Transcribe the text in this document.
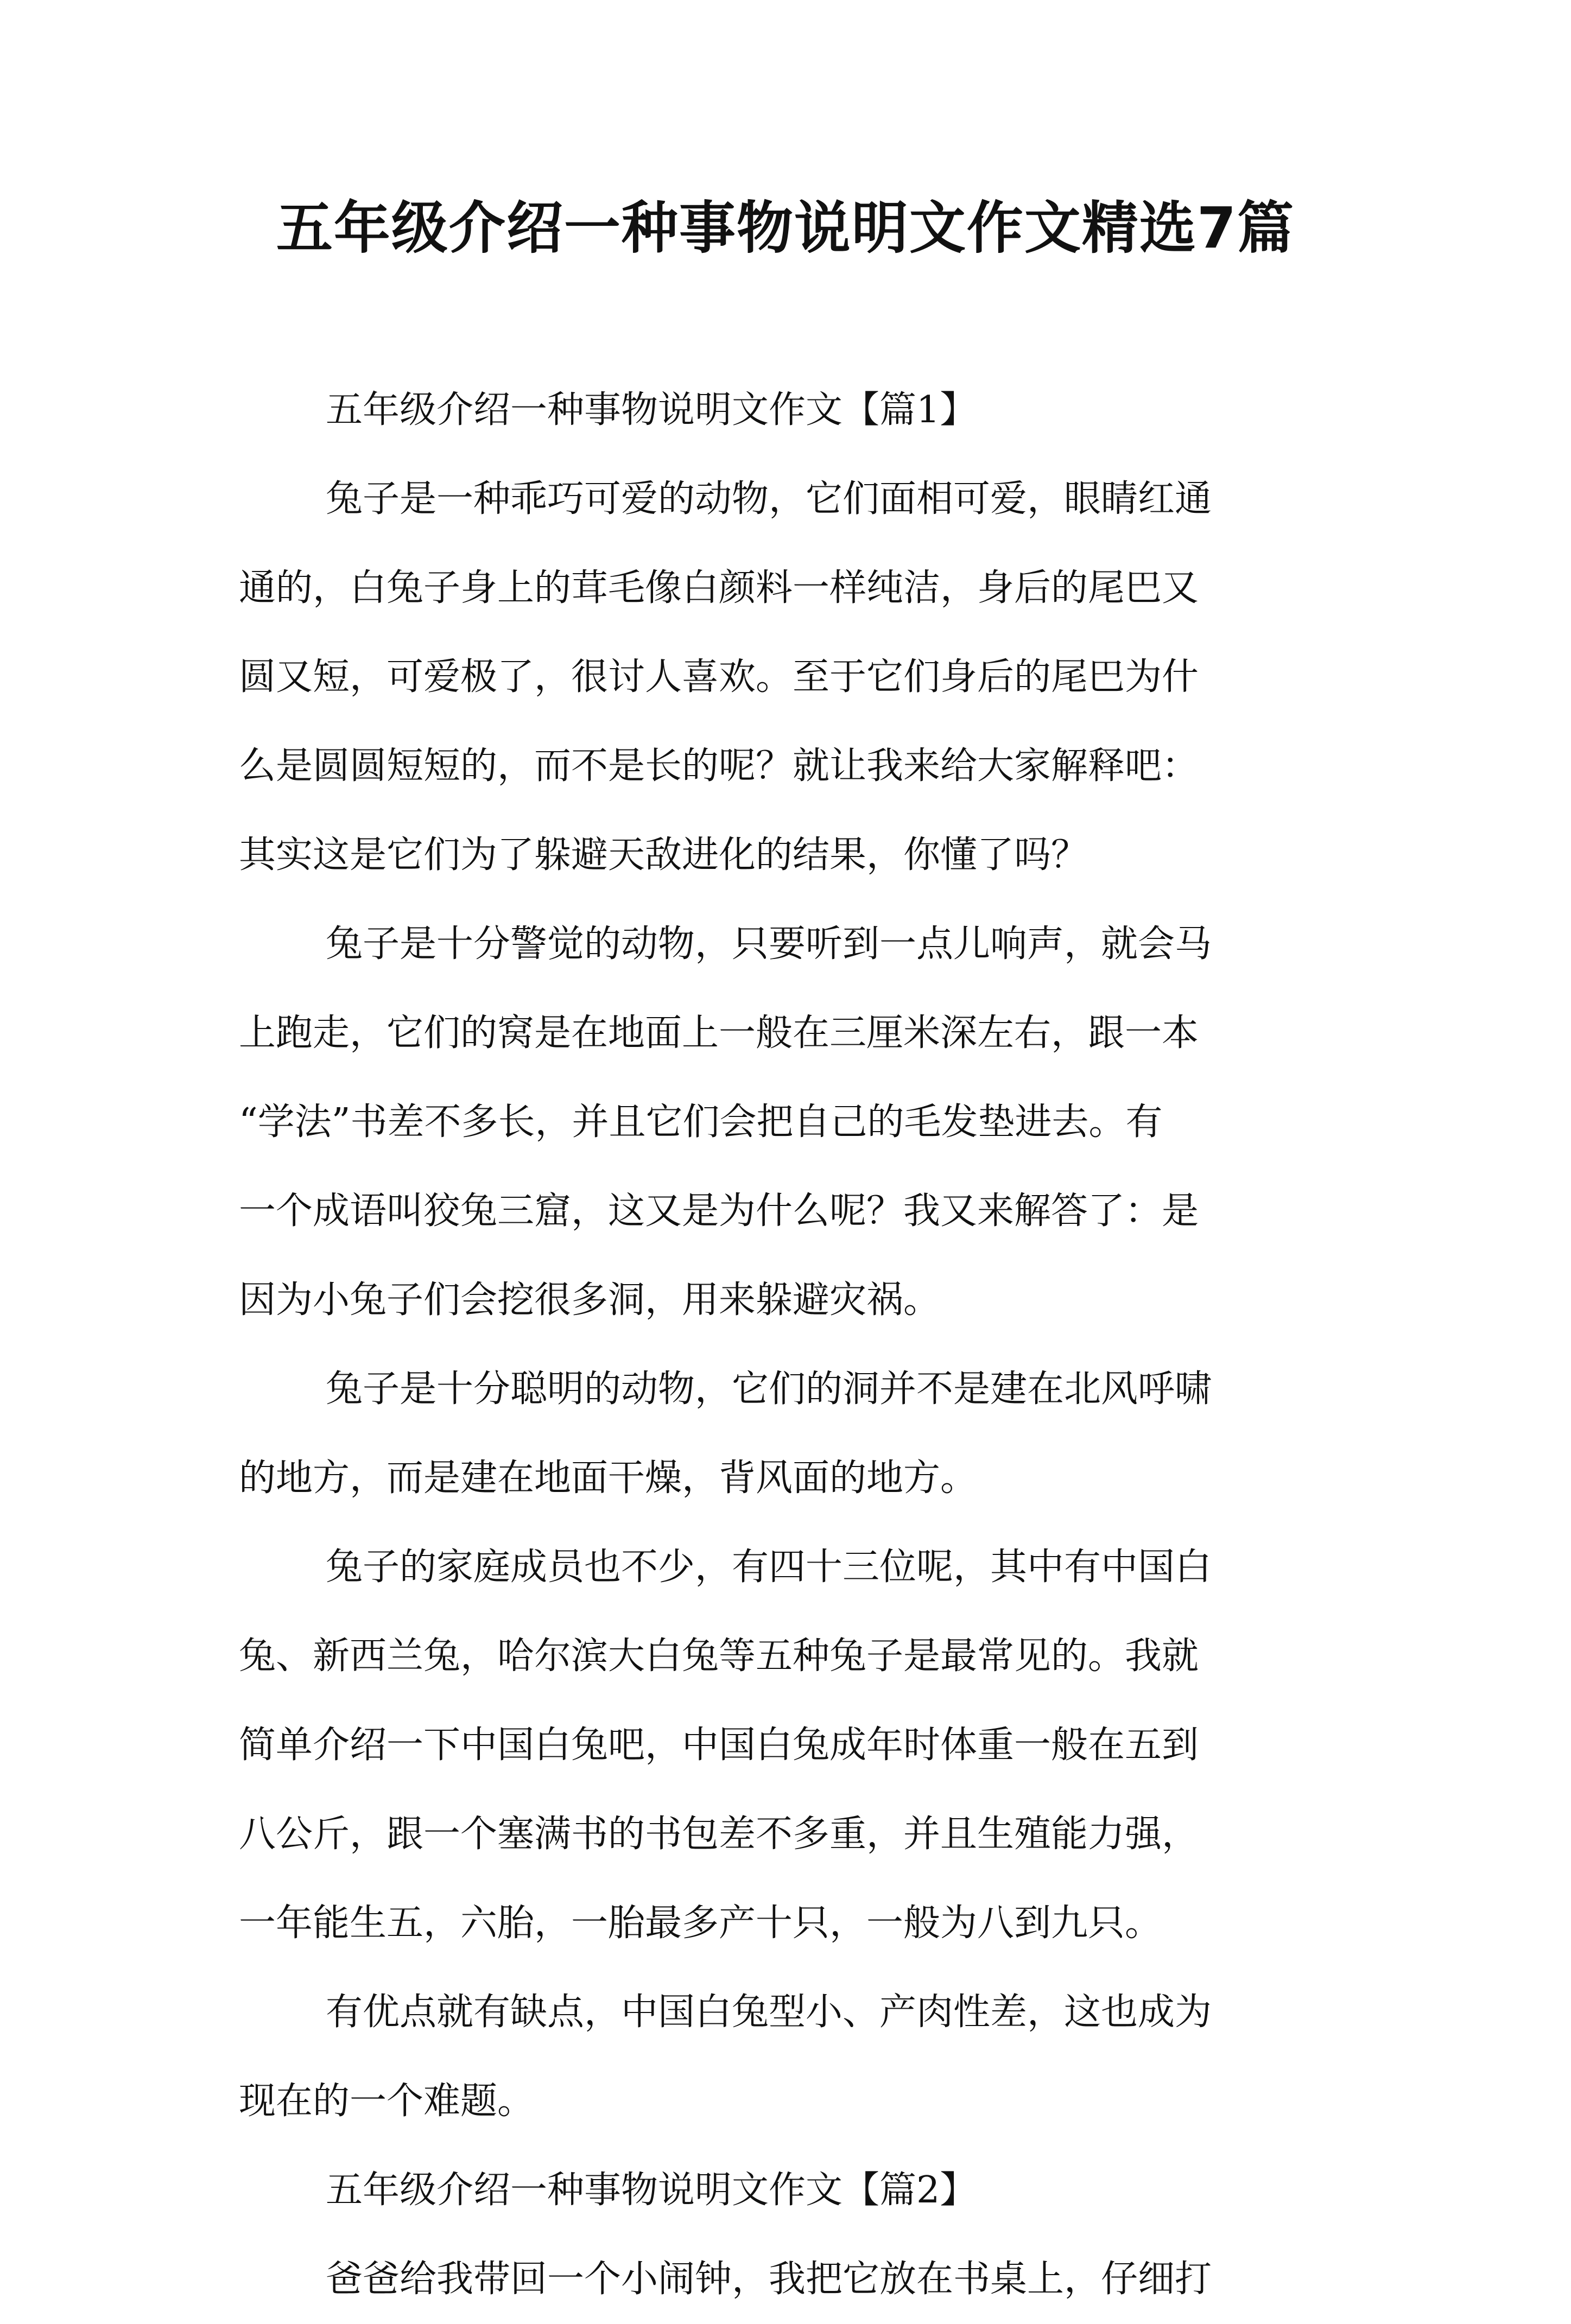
五年级介绍一种事物说明文作文精选7篇
五年级介绍一种事物说明文作文【篇1】
兔子是一种乖巧可爱的动物，它们面相可爱，眼睛红通
通的，白兔子身上的茸毛像白颜料一样纯洁，身后的尾巴又
圆又短，可爱极了，很讨人喜欢。至于它们身后的尾巴为什
么是圆圆短短的，而不是长的呢？就让我来给大家解释吧：
其实这是它们为了躲避天敌进化的结果，你懂了吗？
兔子是十分警觉的动物，只要听到一点儿响声，就会马
上跑走，它们的窝是在地面上一般在三厘米深左右，跟一本
“学法”书差不多长，并且它们会把自己的毛发垫进去。有
一个成语叫狡兔三窟，这又是为什么呢？我又来解答了：是
因为小兔子们会挖很多洞，用来躲避灾祸。
兔子是十分聪明的动物，它们的洞并不是建在北风呼啸
的地方，而是建在地面干燥，背风面的地方。
兔子的家庭成员也不少，有四十三位呢，其中有中国白
兔、新西兰兔，哈尔滨大白兔等五种兔子是最常见的。我就
简单介绍一下中国白兔吧，中国白兔成年时体重一般在五到
八公斤，跟一个塞满书的书包差不多重，并且生殖能力强，
一年能生五，六胎，一胎最多产十只，一般为八到九只。
有优点就有缺点，中国白兔型小、产肉性差，这也成为
现在的一个难题。
五年级介绍一种事物说明文作文【篇2】
爸爸给我带回一个小闹钟，我把它放在书桌上，仔细打
